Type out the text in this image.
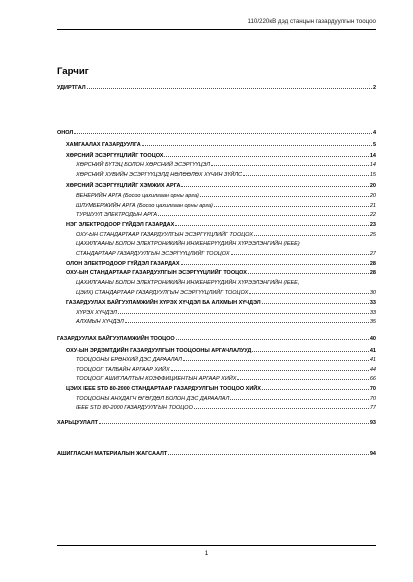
110/220кВ дэд станцын газардуулгын тооцоо
Гарчиг
УДИРТГАЛ	2
ОНОЛ	4
ХАМГААЛАХ ГАЗАРДУУЛГА	5
ХӨРСНИЙ ЭСЭРГҮҮЦЛИЙГ ТООЦОХ	14
ХӨРСНИЙ БҮТЭЦ БОЛОН ХӨРСНИЙ ЭСЭРГҮҮЦЭЛ	14
ХӨРСНИЙ ХУВИЙН ЭСЭРГҮҮЦЭЛД НӨЛӨӨЛӨХ ХҮЧИН ЗҮЙЛС	15
ХӨРСНИЙ ЭСЭРГҮҮЦЛИЙГ ХЭМЖИХ АРГА	20
ВЕНЕРИЙН АРГА (Босоо цахилгаан орны арга)	20
ШЛУМБЕРЖИЙН АРГА (Босоо цахилгаан орны арга)	21
ТУРШУУЛ ЭЛЕКТРОДЫН АРГА	22
НЭГ ЭЛЕКТРОДООР ГҮЙДЭЛ ГАЗАРДАХ	23
ОХУ-ЫН СТАНДАРТААР ГАЗАРДУУЛГЫН ЭСЭРГҮҮЦЛИЙГ ТООЦОХ	25
ЦАХИЛГААНЫ БОЛОН ЭЛЕКТРОНИКИЙН ИНЖЕНЕРҮҮДИЙН ХҮРЭЭЛЭНГИЙН (IEEE)
СТАНДАРТААР ГАЗАРДУУЛГЫН ЭСЭРГҮҮЦЛИЙГ ТООЦОХ	27
ОЛОН ЭЛЕКТРОДООР ГҮЙДЭЛ ГАЗАРДАХ	28
ОХУ-ЫН СТАНДАРТААР ГАЗАРДУУЛГЫН ЭСЭРГҮҮЦЛИЙГ ТООЦОХ	28
ЦАХИЛГААНЫ БОЛОН ЭЛЕКТРОНИКИЙН ИНЖЕНЕРҮҮДИЙН ХҮРЭЭЛЭНГИЙН (IEEE,
ЦЭИХ) СТАНДАРТААР ГАЗАРДУУЛГЫН ЭСЭРГҮҮЦЛИЙГ ТООЦОХ	30
ГАЗАРДУУЛАХ БАЙГУУЛАМЖИЙН ХҮРЭХ ХҮЧДЭЛ БА АЛХМЫН ХҮЧДЭЛ	33
ХҮРЭХ ХҮЧДЭЛ	33
АЛХМЫН ХҮЧДЭЛ	35
ГАЗАРДУУЛАХ БАЙГУУЛАМЖИЙН ТООЦОО	40
ОХУ-ЫН ЭРДЭМТДИЙН ГАЗАРДУУЛГЫН ТООЦООНЫ АРГАЧЛАЛУУД	41
ТООЦООНЫ ЕРӨНХИЙ ДЭС ДАРААЛАЛ	41
ТООЦООГ ТАЛБАЙН АРГААР ХИЙХ	44
ТООЦООГ АШИГЛАЛТЫН КОЭФФИЦИЕНТЫН АРГААР ХИЙХ	66
ЦЭИХ IEEE STD 80-2000 СТАНДАРТААР ГАЗАРДУУЛГЫН ТООЦОО ХИЙХ	70
ТООЦООНЫ АНХДАГЧ ӨГӨГДӨЛ БОЛОН ДЭС ДАРААЛАЛ	70
IEEE STD 80-2000 ГАЗАРДУУЛГЫН ТООЦОО	77
ХАРЬЦУУЛАЛТ	93
АШИГЛАСАН МАТЕРИАЛЫН ЖАГСААЛТ	94
1
